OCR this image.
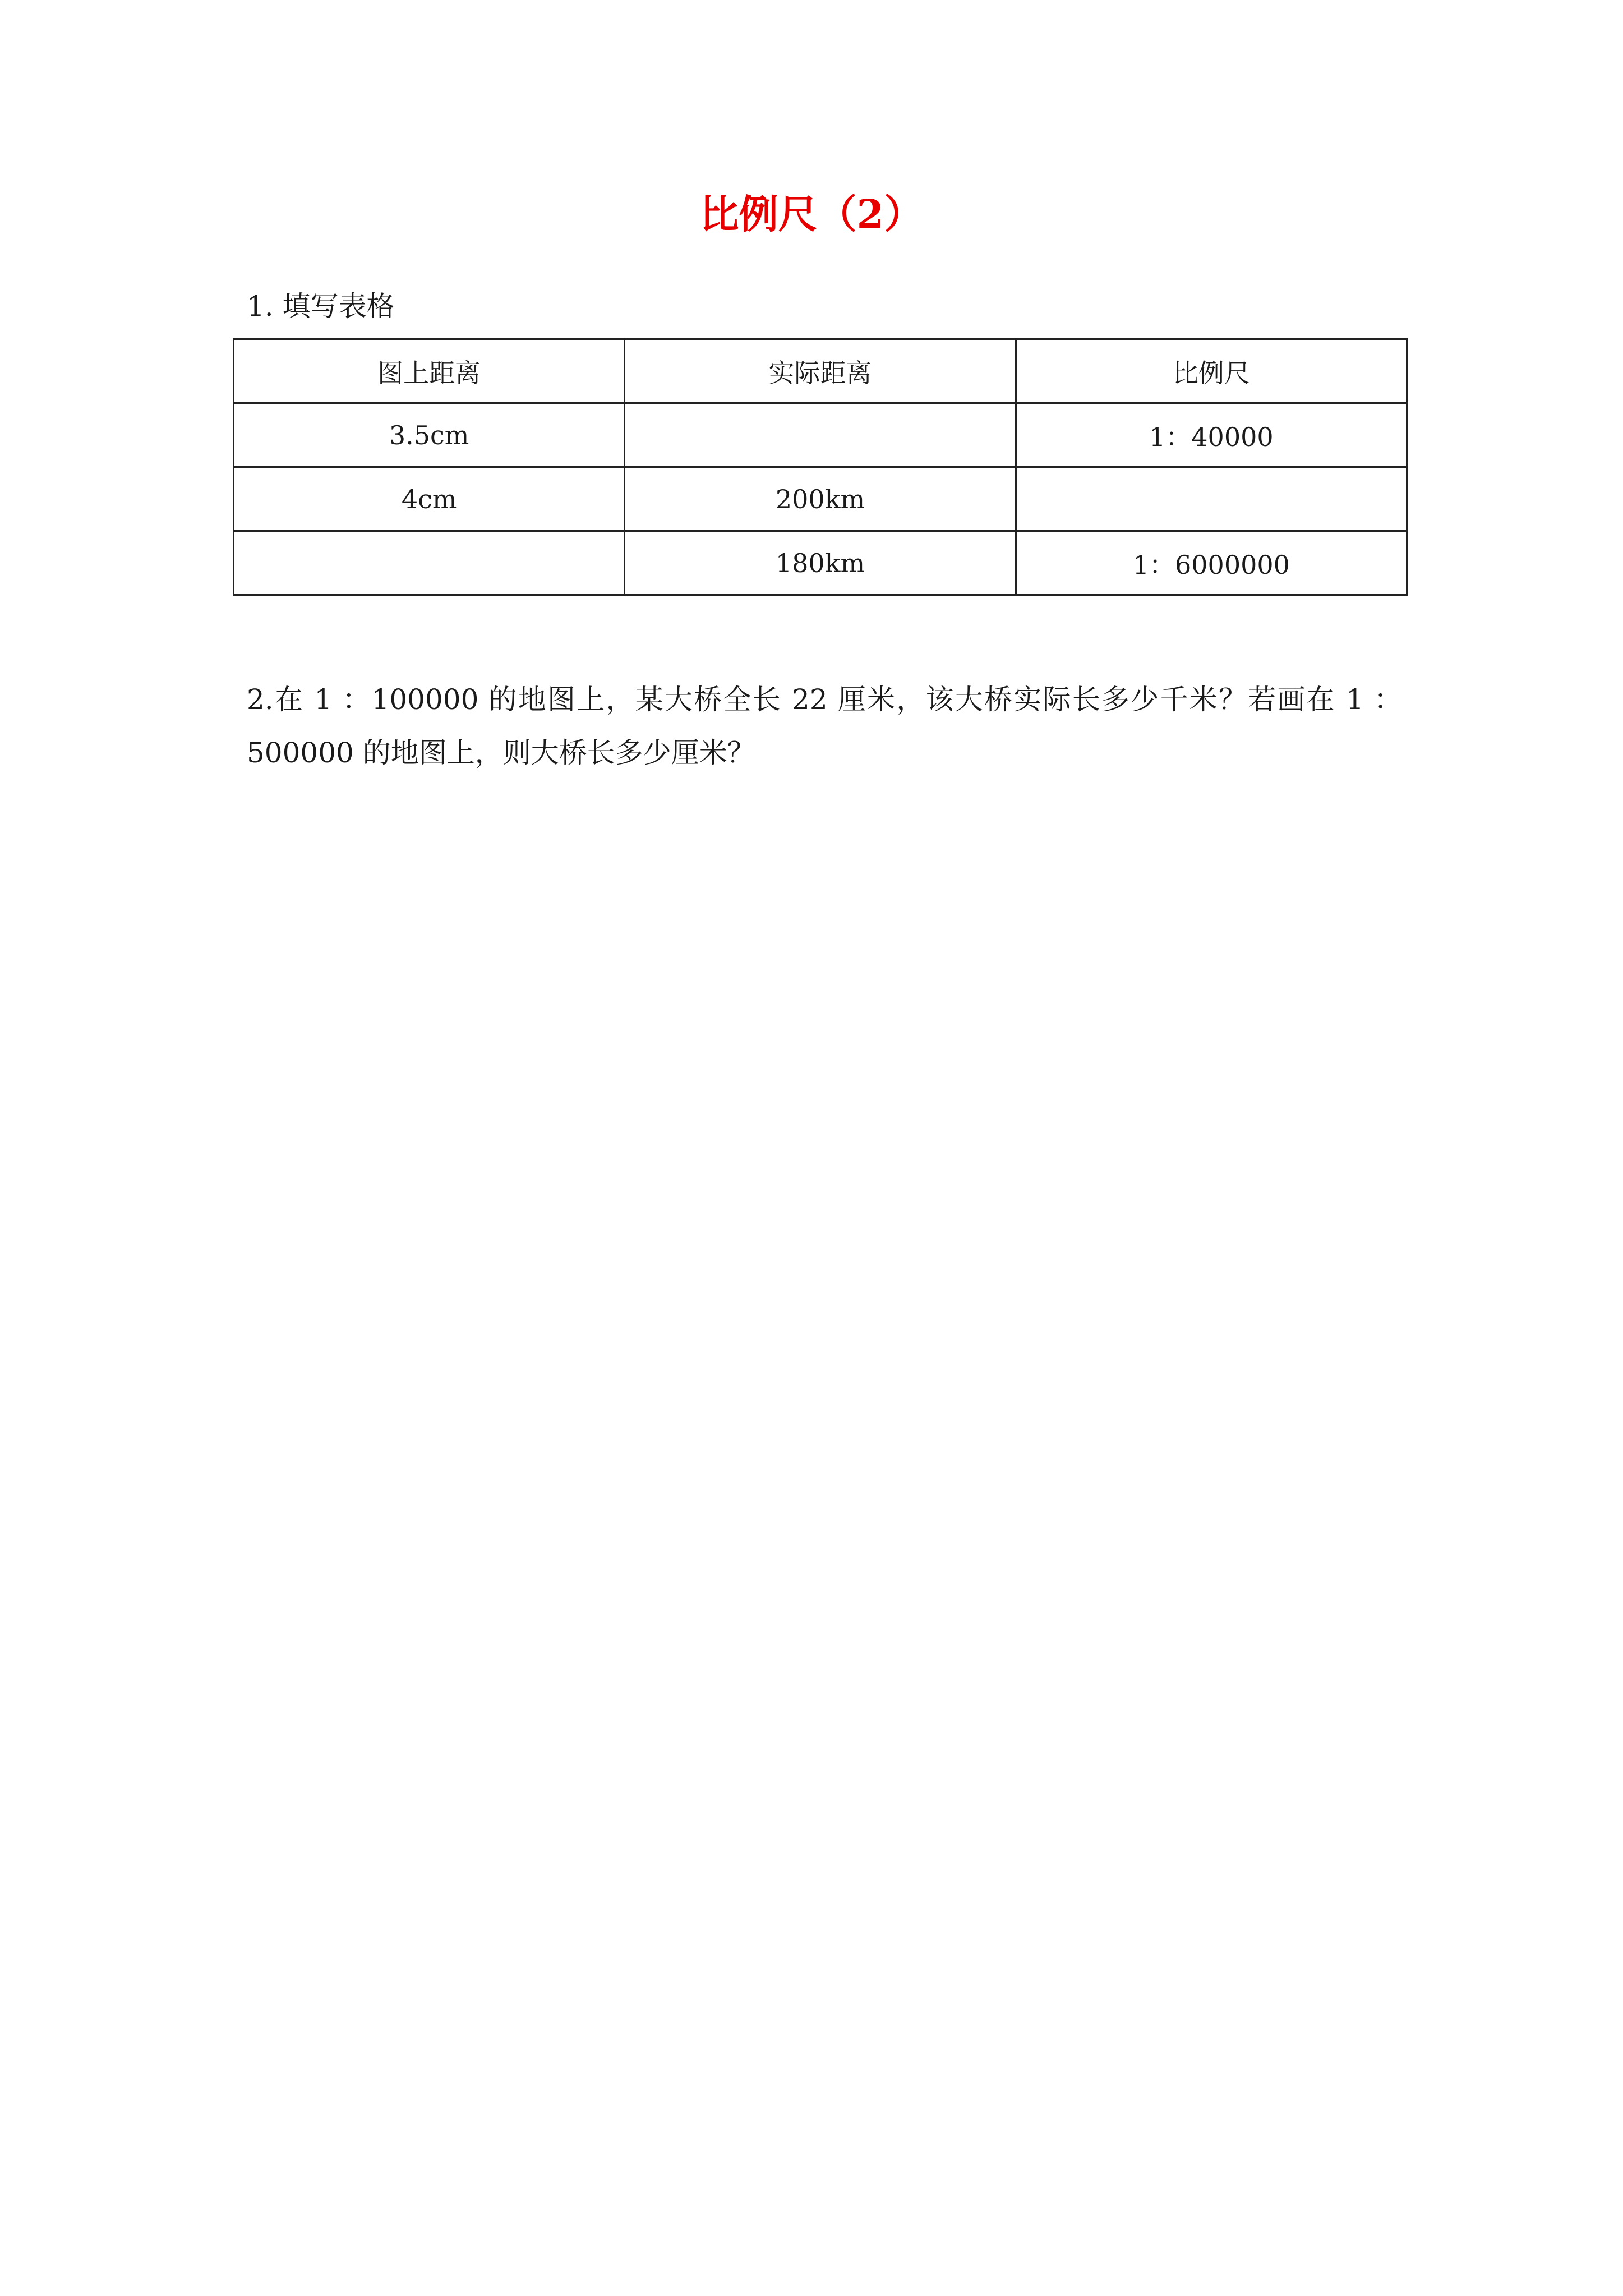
比例尺（2）
1. 填写表格
图上距离	实际距离	比例尺
3.5cm		1：40000
4cm	200km	
	180km	1：6000000

2.在 1 ：100000 的地图上，某大桥全长 22 厘米，该大桥实际长多少千米？若画在 1 ：500000 的地图上，则大桥长多少厘米？
